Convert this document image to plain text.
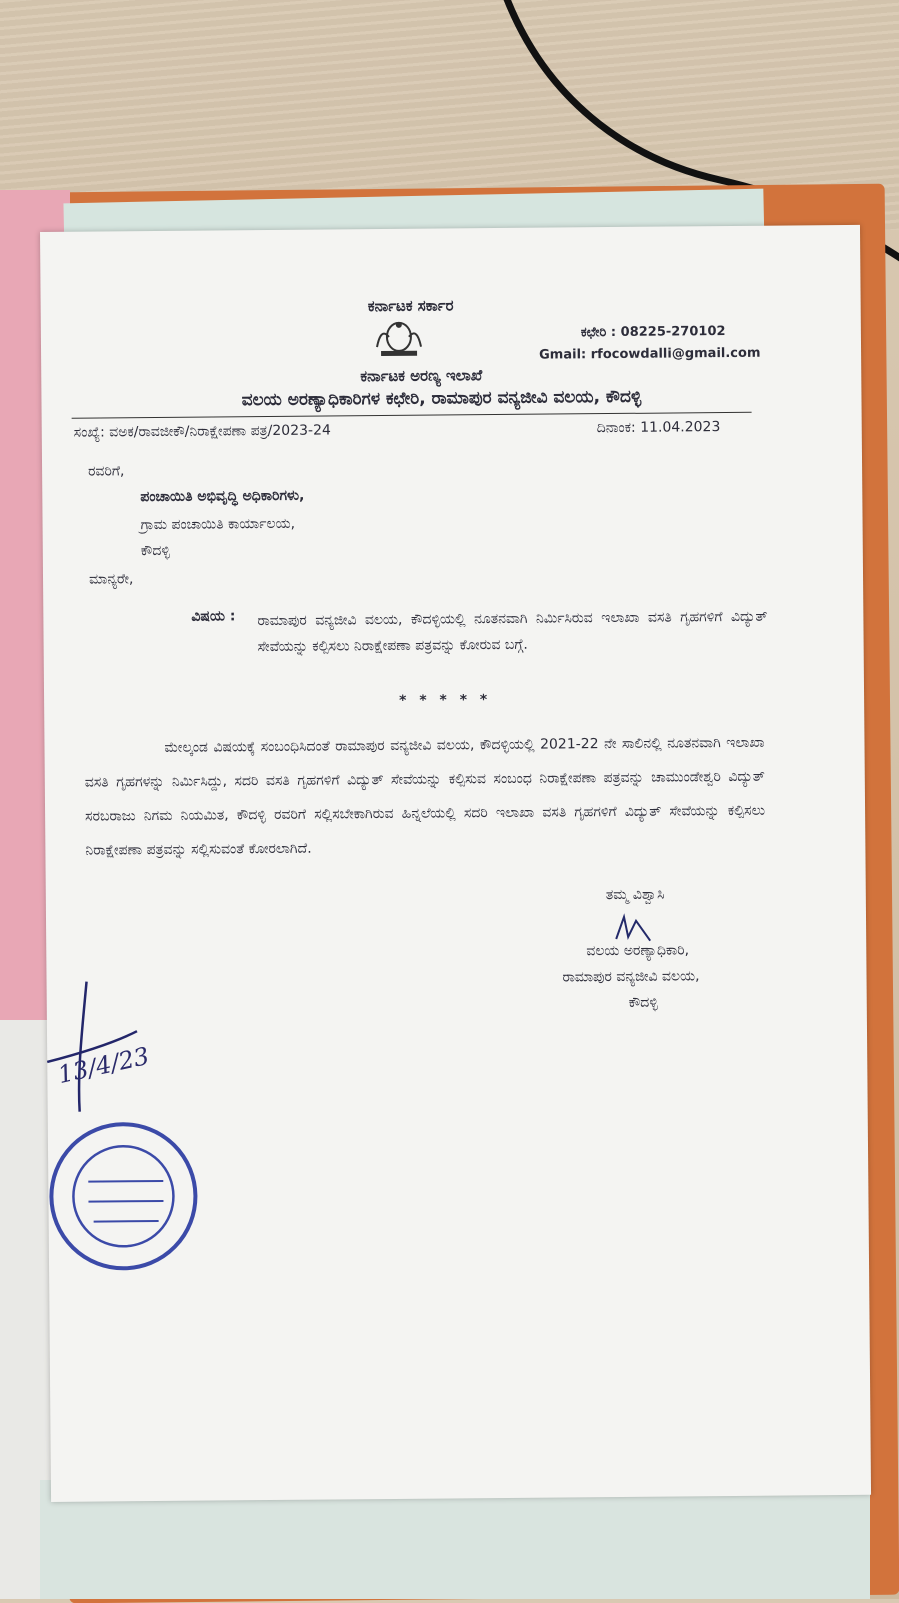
ಕರ್ನಾಟಕ ಸರ್ಕಾರ
ಕಛೇರಿ : 08225-270102
Gmail: rfocowdalli@gmail.com
ಕರ್ನಾಟಕ ಅರಣ್ಯ ಇಲಾಖೆ
ವಲಯ ಅರಣ್ಯಾಧಿಕಾರಿಗಳ ಕಛೇರಿ, ರಾಮಾಪುರ ವನ್ಯಜೀವಿ ವಲಯ, ಕೌದಳ್ಳಿ
ಸಂಖ್ಯೆ: ವಅಕ/ರಾವಜೀಕೌ/ನಿರಾಕ್ಷೇಪಣಾ ಪತ್ರ/2023-24	ದಿನಾಂಕ: 11.04.2023
ರವರಿಗೆ,
ಪಂಚಾಯಿತಿ ಅಭಿವೃದ್ಧಿ ಅಧಿಕಾರಿಗಳು,
ಗ್ರಾಮ ಪಂಚಾಯಿತಿ ಕಾರ್ಯಾಲಯ,
ಕೌದಳ್ಳಿ
ಮಾನ್ಯರೇ,
ವಿಷಯ : ರಾಮಾಪುರ ವನ್ಯಜೀವಿ ವಲಯ, ಕೌದಳ್ಳಿಯಲ್ಲಿ ನೂತನವಾಗಿ ನಿರ್ಮಿಸಿರುವ ಇಲಾಖಾ ವಸತಿ ಗೃಹಗಳಿಗೆ ವಿದ್ಯುತ್ ಸೇವೆಯನ್ನು ಕಲ್ಪಿಸಲು ನಿರಾಕ್ಷೇಪಣಾ ಪತ್ರವನ್ನು ಕೋರುವ ಬಗ್ಗೆ.
* * * * *
ಮೇಲ್ಕಂಡ ವಿಷಯಕ್ಕೆ ಸಂಬಂಧಿಸಿದಂತೆ ರಾಮಾಪುರ ವನ್ಯಜೀವಿ ವಲಯ, ಕೌದಳ್ಳಿಯಲ್ಲಿ 2021-22 ನೇ ಸಾಲಿನಲ್ಲಿ ನೂತನವಾಗಿ ಇಲಾಖಾ ವಸತಿ ಗೃಹಗಳನ್ನು ನಿರ್ಮಿಸಿದ್ದು, ಸದರಿ ವಸತಿ ಗೃಹಗಳಿಗೆ ವಿದ್ಯುತ್ ಸೇವೆಯನ್ನು ಕಲ್ಪಿಸುವ ಸಂಬಂಧ ನಿರಾಕ್ಷೇಪಣಾ ಪತ್ರವನ್ನು ಚಾಮುಂಡೇಶ್ವರಿ ವಿದ್ಯುತ್ ಸರಬರಾಜು ನಿಗಮ ನಿಯಮಿತ, ಕೌದಳ್ಳಿ ರವರಿಗೆ ಸಲ್ಲಿಸಬೇಕಾಗಿರುವ ಹಿನ್ನಲೆಯಲ್ಲಿ ಸದರಿ ಇಲಾಖಾ ವಸತಿ ಗೃಹಗಳಿಗೆ ವಿದ್ಯುತ್ ಸೇವೆಯನ್ನು ಕಲ್ಪಿಸಲು ನಿರಾಕ್ಷೇಪಣಾ ಪತ್ರವನ್ನು ಸಲ್ಲಿಸುವಂತೆ ಕೋರಲಾಗಿದೆ.
ತಮ್ಮ ವಿಶ್ವಾಸಿ
ವಲಯ ಅರಣ್ಯಾಧಿಕಾರಿ,
ರಾಮಾಪುರ ವನ್ಯಜೀವಿ ವಲಯ,
ಕೌದಳ್ಳಿ
13/4/23
